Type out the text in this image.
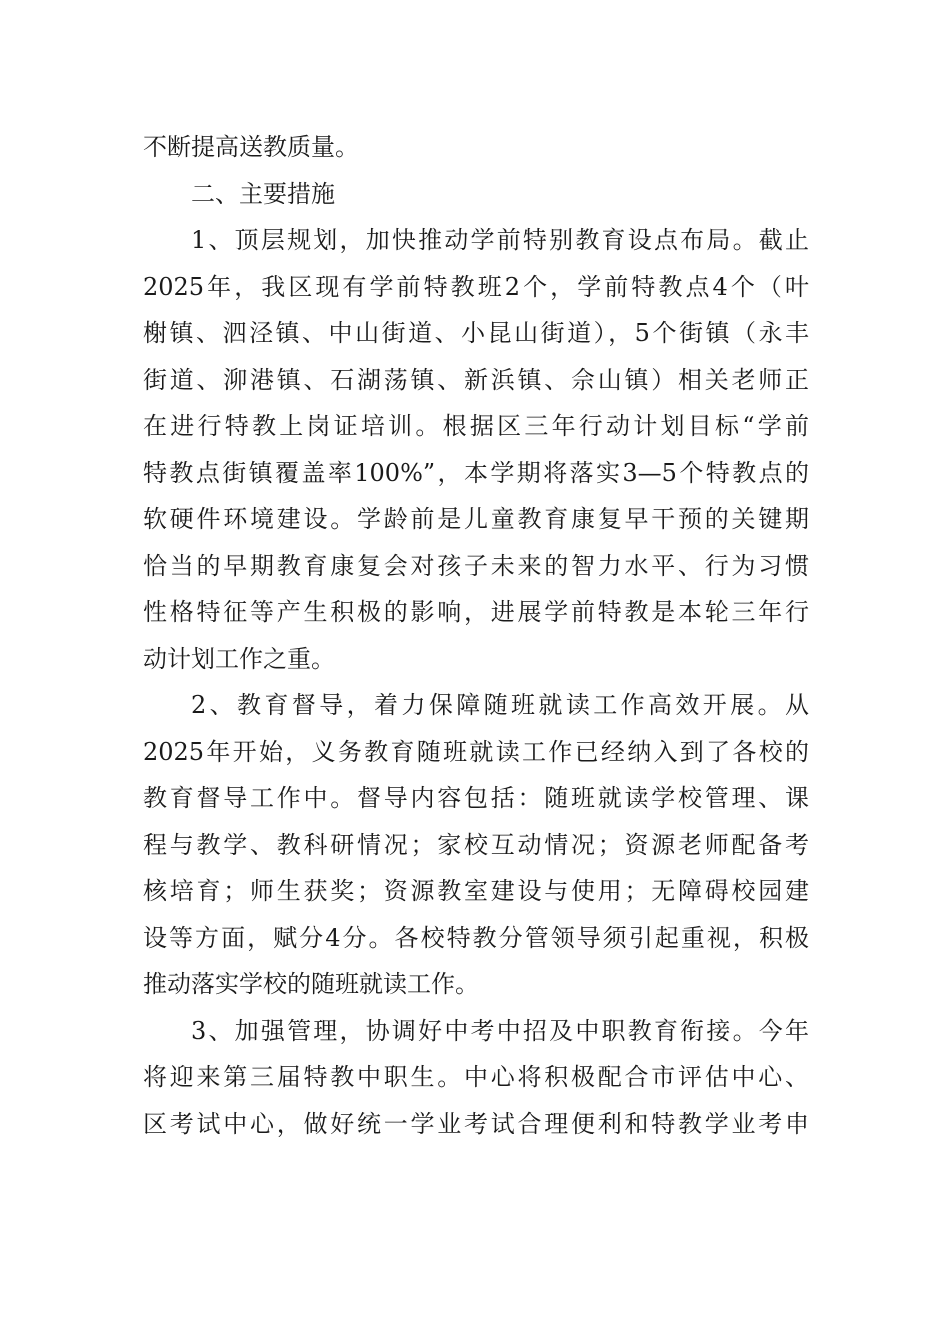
不断提高送教质量。
二、主要措施
1、顶层规划，加快推动学前特别教育设点布局。截止
2025年，我区现有学前特教班2个，学前特教点4个（叶
榭镇、泗泾镇、中山街道、小昆山街道），5个街镇（永丰
街道、泖港镇、石湖荡镇、新浜镇、佘山镇）相关老师正
在进行特教上岗证培训。根据区三年行动计划目标“学前
特教点街镇覆盖率100%”，本学期将落实3—5个特教点的
软硬件环境建设。学龄前是儿童教育康复早干预的关键期
恰当的早期教育康复会对孩子未来的智力水平、行为习惯
性格特征等产生积极的影响，进展学前特教是本轮三年行
动计划工作之重。
2、教育督导，着力保障随班就读工作高效开展。从
2025年开始，义务教育随班就读工作已经纳入到了各校的
教育督导工作中。督导内容包括：随班就读学校管理、课
程与教学、教科研情况；家校互动情况；资源老师配备考
核培育；师生获奖；资源教室建设与使用；无障碍校园建
设等方面，赋分4分。各校特教分管领导须引起重视，积极
推动落实学校的随班就读工作。
3、加强管理，协调好中考中招及中职教育衔接。今年
将迎来第三届特教中职生。中心将积极配合市评估中心、
区考试中心，做好统一学业考试合理便利和特教学业考申
